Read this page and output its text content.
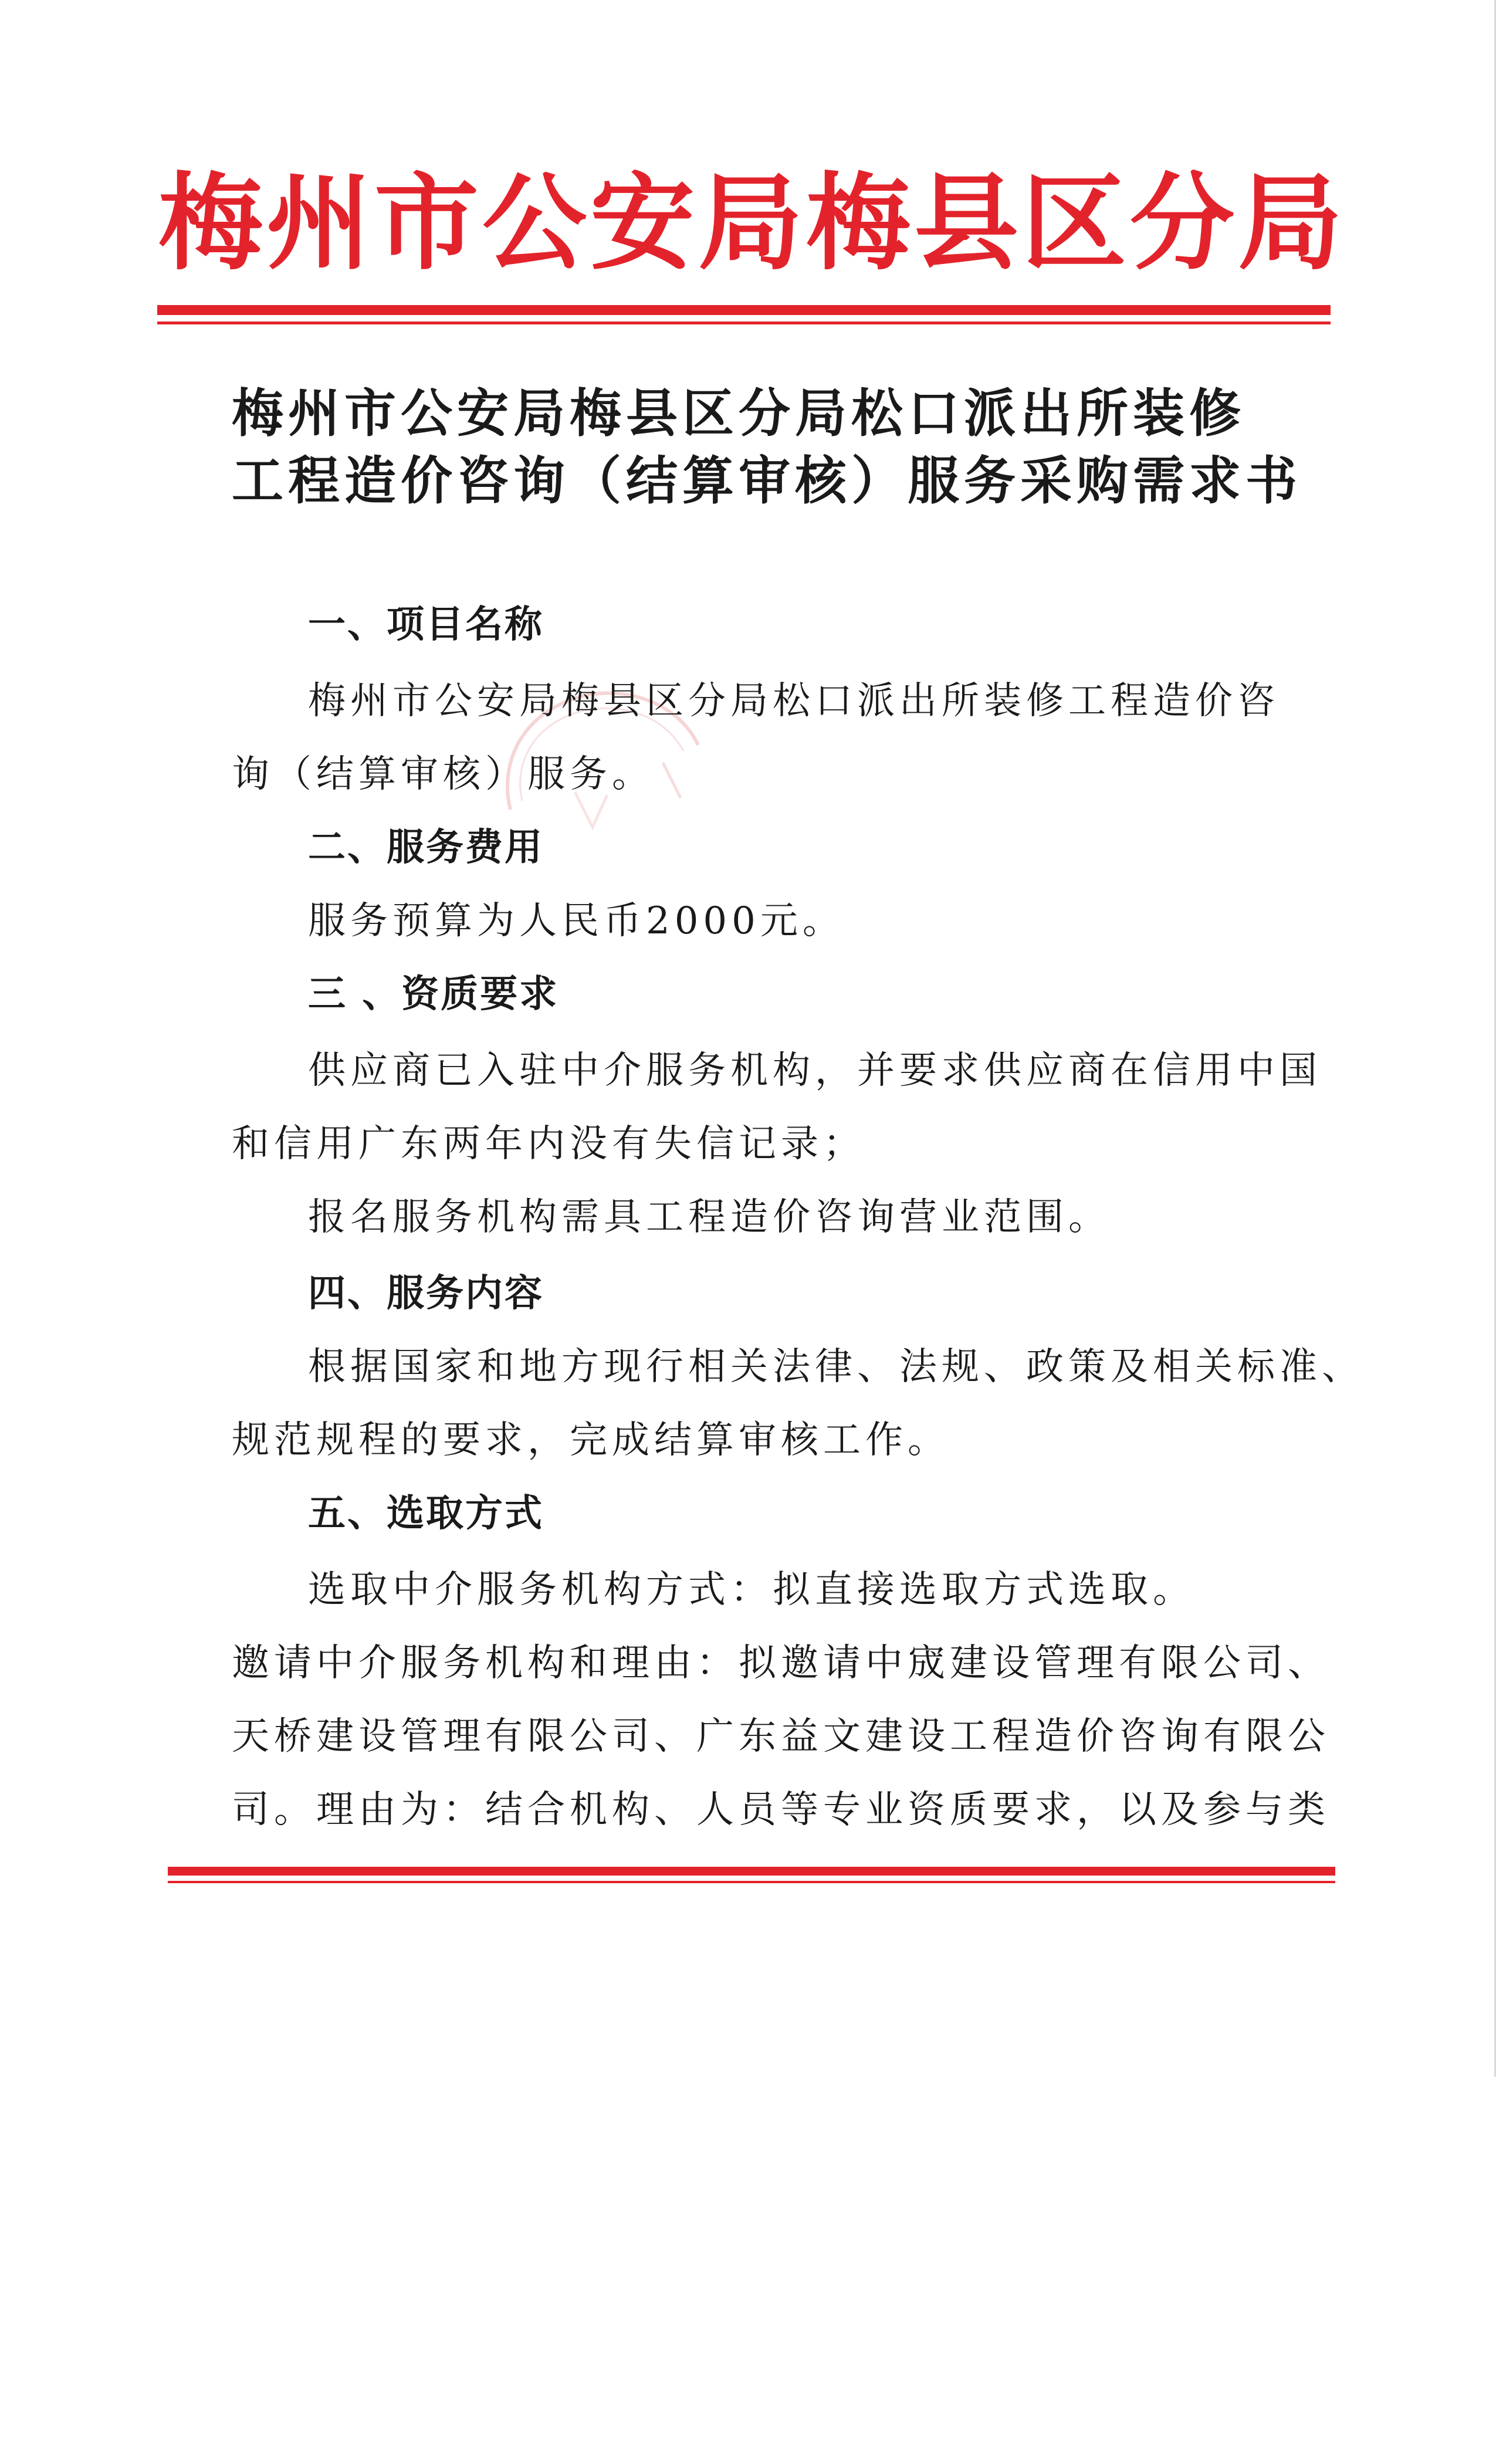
梅州市公安局梅县区分局
梅州市公安局梅县区分局松口派出所装修
工程造价咨询（结算审核）服务采购需求书
一、项目名称
梅州市公安局梅县区分局松口派出所装修工程造价咨
询（结算审核）服务。
二、服务费用
服务预算为人民币2000元。
三 、资质要求
供应商已入驻中介服务机构，并要求供应商在信用中国
和信用广东两年内没有失信记录；
报名服务机构需具工程造价咨询营业范围。
四、服务内容
根据国家和地方现行相关法律、法规、政策及相关标准、
规范规程的要求，完成结算审核工作。
五、选取方式
选取中介服务机构方式：拟直接选取方式选取。
邀请中介服务机构和理由：拟邀请中宬建设管理有限公司、
天桥建设管理有限公司、广东益文建设工程造价咨询有限公
司。理由为：结合机构、人员等专业资质要求，以及参与类
